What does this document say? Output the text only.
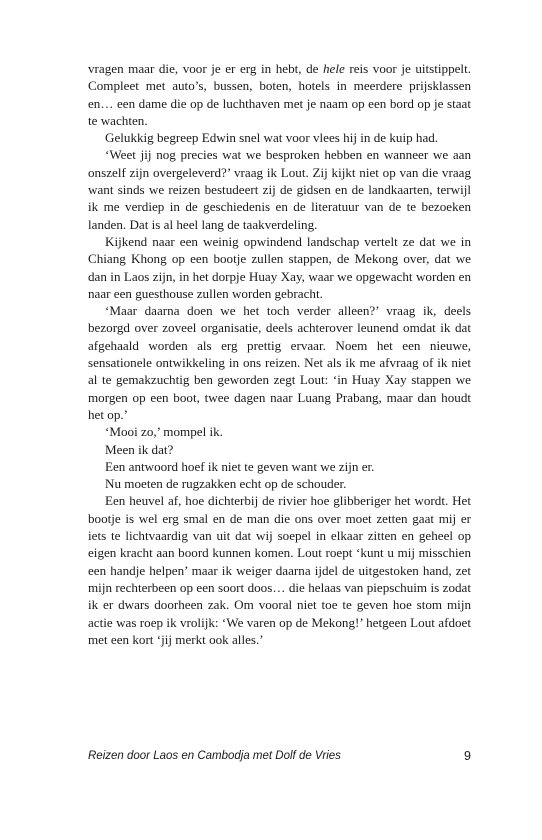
vragen maar die, voor je er erg in hebt, de hele reis voor je uitstippelt. Compleet met auto’s, bussen, boten, hotels in meerdere prijsklassen en… een dame die op de luchthaven met je naam op een bord op je staat te wachten.

Gelukkig begreep Edwin snel wat voor vlees hij in de kuip had.

‘Weet jij nog precies wat we besproken hebben en wanneer we aan onszelf zijn overgeleverd?’ vraag ik Lout. Zij kijkt niet op van die vraag want sinds we reizen bestudeert zij de gidsen en de landkaarten, terwijl ik me verdiep in de geschiedenis en de literatuur van de te bezoeken landen. Dat is al heel lang de taakverdeling.

Kijkend naar een weinig opwindend landschap vertelt ze dat we in Chiang Khong op een bootje zullen stappen, de Mekong over, dat we dan in Laos zijn, in het dorpje Huay Xay, waar we opgewacht worden en naar een guesthouse zullen worden gebracht.

‘Maar daarna doen we het toch verder alleen?’ vraag ik, deels bezorgd over zoveel organisatie, deels achterover leunend omdat ik dat afgehaald worden als erg prettig ervaar. Noem het een nieuwe, sensationele ontwikkeling in ons reizen. Net als ik me afvraag of ik niet al te gemakzuchtig ben geworden zegt Lout: ‘in Huay Xay stappen we morgen op een boot, twee dagen naar Luang Prabang, maar dan houdt het op.’

‘Mooi zo,’ mompel ik.

Meen ik dat?

Een antwoord hoef ik niet te geven want we zijn er.

Nu moeten de rugzakken echt op de schouder.

Een heuvel af, hoe dichterbij de rivier hoe glibberiger het wordt. Het bootje is wel erg smal en de man die ons over moet zetten gaat mij er iets te lichtvaardig van uit dat wij soepel in elkaar zitten en geheel op eigen kracht aan boord kunnen komen. Lout roept ‘kunt u mij misschien een handje helpen’ maar ik weiger daarna ijdel de uitgestoken hand, zet mijn rechterbeen op een soort doos… die helaas van piepschuim is zodat ik er dwars doorheen zak. Om vooral niet toe te geven hoe stom mijn actie was roep ik vrolijk: ‘We varen op de Mekong!’ hetgeen Lout afdoet met een kort ‘jij merkt ook alles.’

Reizen door Laos en Cambodja met Dolf de Vries	9
